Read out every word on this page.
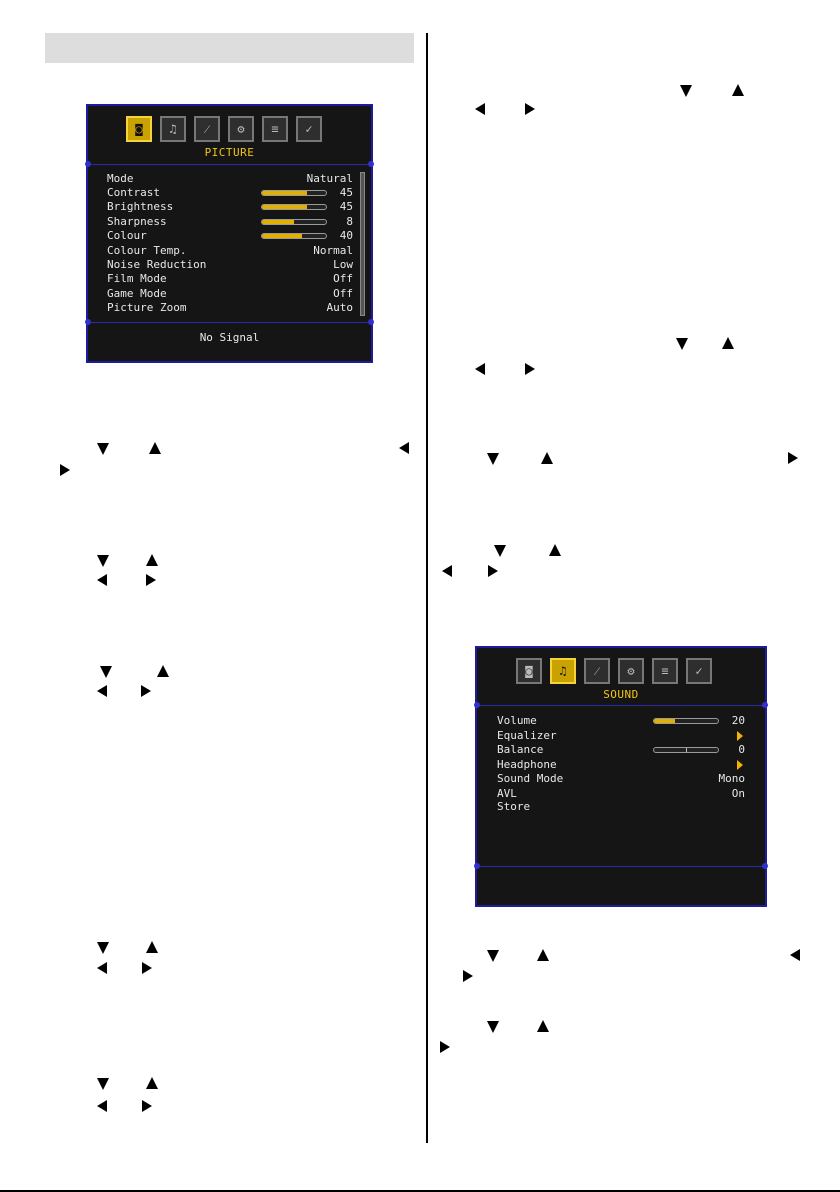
◙	♫	⁄	⚙	≡	✓
PICTURE
Mode	Natural
Contrast	45
Brightness	45
Sharpness	8
Colour	40
Colour Temp.	Normal
Noise Reduction	Low
Film Mode	Off
Game Mode	Off
Picture Zoom	Auto
No Signal
◙	♫	⁄	⚙	≡	✓
SOUND
Volume	20
Equalizer
Balance	0
Headphone
Sound Mode	Mono
AVL	On
Store
